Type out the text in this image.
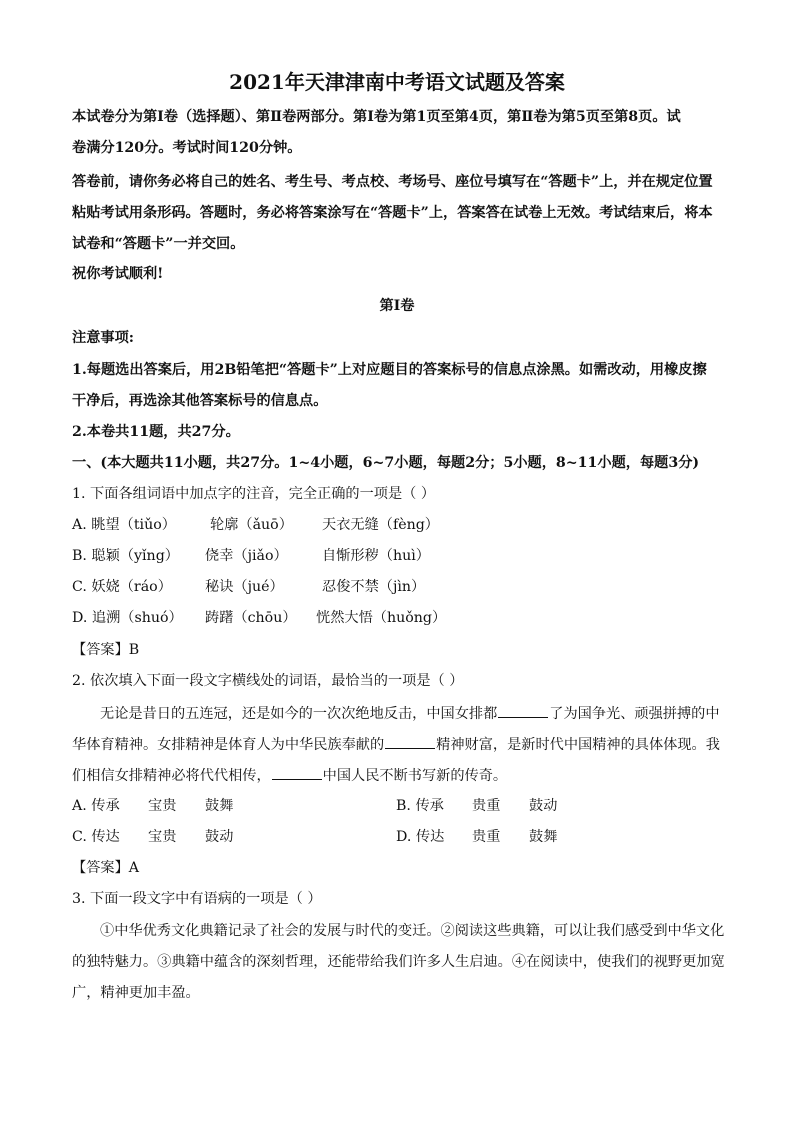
2021年天津津南中考语文试题及答案
本试卷分为第Ⅰ卷（选择题）、第Ⅱ卷两部分。第Ⅰ卷为第1页至第4页，第Ⅱ卷为第5页至第8页。试
卷满分120分。考试时间120分钟。
答卷前，请你务必将自己的姓名、考生号、考点校、考场号、座位号填写在“答题卡”上，并在规定位置
粘贴考试用条形码。答题时，务必将答案涂写在“答题卡”上，答案答在试卷上无效。考试结束后，将本
试卷和“答题卡”一并交回。
祝你考试顺利!
第Ⅰ卷
注意事项:
1.每题选出答案后，用2B铅笔把“答题卡”上对应题目的答案标号的信息点涂黑。如需改动，用橡皮擦
干净后，再选涂其他答案标号的信息点。
2.本卷共11题，共27分。
一、(本大题共11小题，共27分。1~4小题，6~7小题，每题2分；5小题，8~11小题，每题3分)
1. 下面各组词语中加点字的注音，完全正确的一项是（ ）
A. 眺望（tiǔo） 轮廓（ǎuō） 天衣无缝（fèng）
B. 聪颖（yǐng） 侥幸（jiǎo） 自惭形秽（huì）
C. 妖娆（ráo） 秘诀（jué）	忍俊不禁（jìn）
D. 追溯（shuó） 踌躇（chōu） 恍然大悟（huǒng）
【答案】B
2. 依次填入下面一段文字横线处的词语，最恰当的一项是（ ）
无论是昔日的五连冠，还是如今的一次次绝地反击，中国女排都	了为国争光、顽强拼搏的中
华体育精神。女排精神是体育人为中华民族奉献的	精神财富，是新时代中国精神的具体体现。我
们相信女排精神必将代代相传，	中国人民不断书写新的传奇。
A. 传承 宝贵 鼓舞	B. 传承 贵重 鼓动
C. 传达 宝贵 鼓动	D. 传达 贵重 鼓舞
【答案】A
3. 下面一段文字中有语病的一项是（ ）
①中华优秀文化典籍记录了社会的发展与时代的变迁。②阅读这些典籍，可以让我们感受到中华文化
的独特魅力。③典籍中蕴含的深刻哲理，还能带给我们许多人生启迪。④在阅读中，使我们的视野更加宽
广，精神更加丰盈。
